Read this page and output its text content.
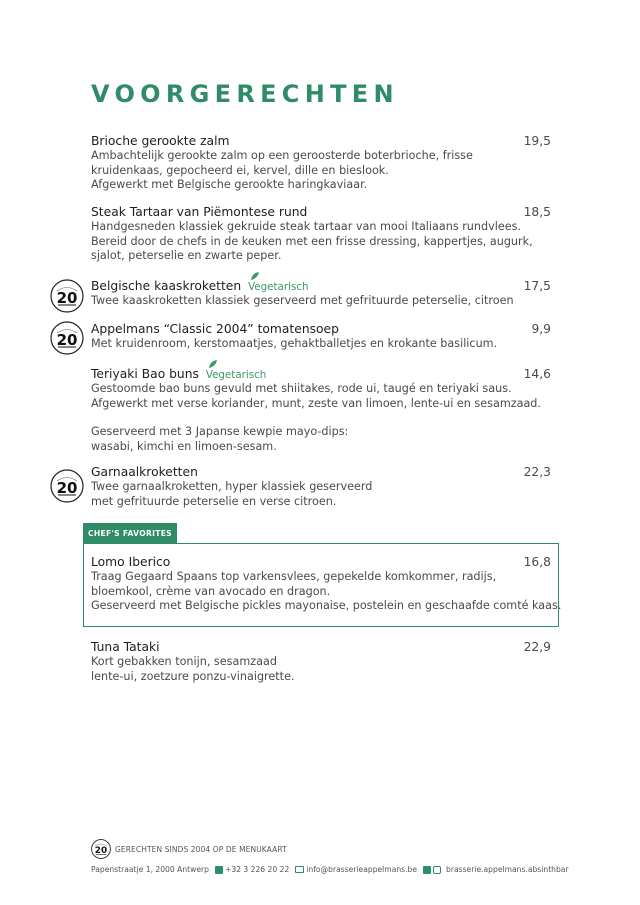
VOORGERECHTEN
Brioche gerookte zalm	19,5

Ambachtelijk gerookte zalm op een geroosterde boterbrioche, frisse

kruidenkaas, gepocheerd ei, kervel, dille en bieslook.

Afgewerkt met Belgische gerookte haringkaviaar.

Steak Tartaar van Piëmontese rund	18,5

Handgesneden klassiek gekruide steak tartaar van mooi Italiaans rundvlees.

Bereid door de chefs in de keuken met een frisse dressing, kappertjes, augurk,

sjalot, peterselie en zwarte peper.

20
Belgische kaaskroketten Vegetarisch	17,5

Twee kaaskroketten klassiek geserveerd met gefrituurde peterselie, citroen

20
Appelmans “Classic 2004” tomatensoep	9,9

Met kruidenroom, kerstomaatjes, gehaktballetjes en krokante basilicum.

Teriyaki Bao buns Vegetarisch	14,6

Gestoomde bao buns gevuld met shiitakes, rode ui, taugé en teriyaki saus.

Afgewerkt met verse koriander, munt, zeste van limoen, lente-ui en sesamzaad.

Geserveerd met 3 Japanse kewpie mayo-dips:

wasabi, kimchi en limoen-sesam.

20
Garnaalkroketten	22,3

Twee garnaalkroketten, hyper klassiek geserveerd

met gefrituurde peterselie en verse citroen.

CHEF'S FAVORITES
Lomo Iberico	16,8

Traag Gegaard Spaans top varkensvlees, gepekelde komkommer, radijs,

bloemkool, crème van avocado en dragon.

Geserveerd met Belgische pickles mayonaise, postelein en geschaafde comté kaas.

Tuna Tataki	22,9

Kort gebakken tonijn, sesamzaad

lente-ui, zoetzure ponzu-vinaigrette.

20 GERECHTEN SINDS 2004 OP DE MENUKAART
Papenstraatje 1, 2000 Antwerp +32 3 226 20 22 info@brasserieappelmans.be	brasserie.appelmans.absinthbar
